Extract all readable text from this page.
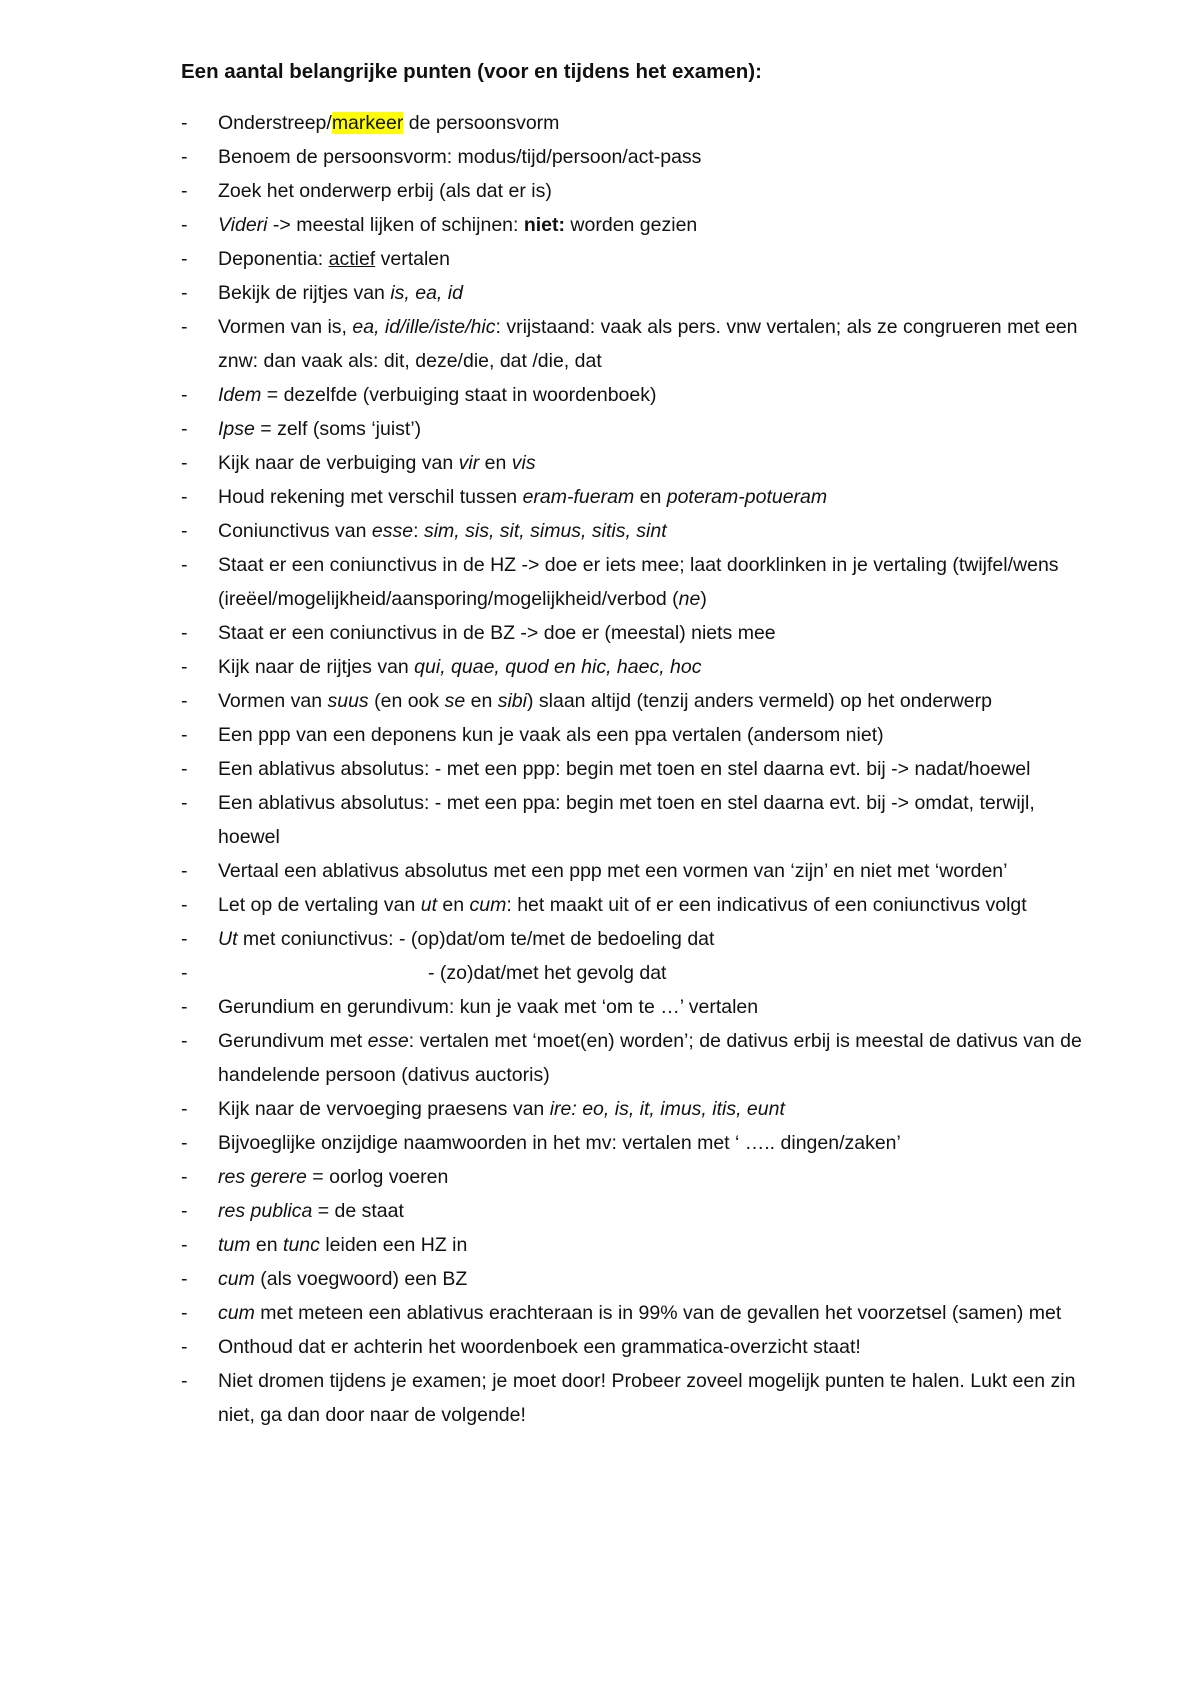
Een aantal belangrijke punten (voor en tijdens het examen):
- Onderstreep/markeer de persoonsvorm
- Benoem de persoonsvorm: modus/tijd/persoon/act-pass
- Zoek het onderwerp erbij (als dat er is)
- Videri -> meestal lijken of schijnen: niet: worden gezien
- Deponentia: actief vertalen
- Bekijk de rijtjes van is, ea, id
- Vormen van is, ea, id/ille/iste/hic: vrijstaand: vaak als pers. vnw vertalen; als ze congrueren met een znw: dan vaak als: dit, deze/die, dat /die, dat
- Idem = dezelfde (verbuiging staat in woordenboek)
- Ipse = zelf (soms ‘juist’)
- Kijk naar de verbuiging van vir en vis
- Houd rekening met verschil tussen eram-fueram en poteram-potueram
- Coniunctivus van esse: sim, sis, sit, simus, sitis, sint
- Staat er een coniunctivus in de HZ -> doe er iets mee; laat doorklinken in je vertaling (twijfel/wens (ireëel/mogelijkheid/aansporing/mogelijkheid/verbod (ne)
- Staat er een coniunctivus in de BZ -> doe er (meestal) niets mee
- Kijk naar de rijtjes van qui, quae, quod en hic, haec, hoc
- Vormen van suus (en ook se en sibi) slaan altijd (tenzij anders vermeld) op het onderwerp
- Een ppp van een deponens kun je vaak als een ppa vertalen (andersom niet)
- Een ablativus absolutus: - met een ppp: begin met toen en stel daarna evt. bij -> nadat/hoewel
- Een ablativus absolutus: - met een ppa: begin met toen en stel daarna evt. bij -> omdat, terwijl, hoewel
- Vertaal een ablativus absolutus met een ppp met een vormen van ‘zijn’ en niet met ‘worden’
- Let op de vertaling van ut en cum: het maakt uit of er een indicativus of een coniunctivus volgt
- Ut met coniunctivus: - (op)dat/om te/met de bedoeling dat
-	- (zo)dat/met het gevolg dat
- Gerundium en gerundivum: kun je vaak met ‘om te …’ vertalen
- Gerundivum met esse: vertalen met ‘moet(en) worden’; de dativus erbij is meestal de dativus van de handelende persoon (dativus auctoris)
- Kijk naar de vervoeging praesens van ire: eo, is, it, imus, itis, eunt
- Bijvoeglijke onzijdige naamwoorden in het mv: vertalen met ‘ ….. dingen/zaken’
- res gerere = oorlog voeren
- res publica = de staat
- tum en tunc leiden een HZ in
- cum (als voegwoord) een BZ
- cum met meteen een ablativus erachteraan is in 99% van de gevallen het voorzetsel (samen) met
- Onthoud dat er achterin het woordenboek een grammatica-overzicht staat!
- Niet dromen tijdens je examen; je moet door! Probeer zoveel mogelijk punten te halen. Lukt een zin niet, ga dan door naar de volgende!
